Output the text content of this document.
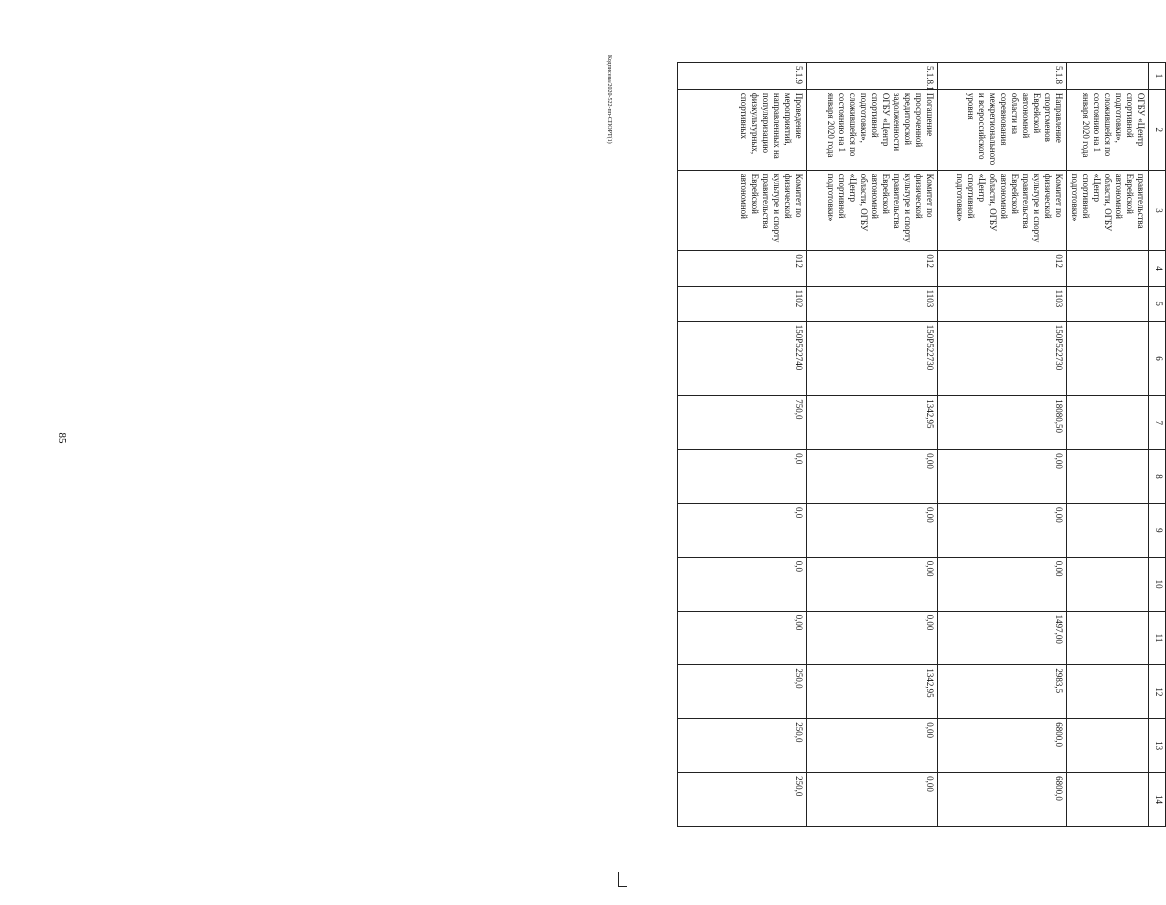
85
Кодписева/2020-522-пп-СПОРТ(1)	1	2	3	4	5	6	7	8	9	10	11	12	13	14
	ОГБУ «Центр спортивной подготовки», сложившейся по состоянию на 1 января 2020 года	правительства Еврейской автономной области, ОГБУ «Центр спортивной подготовки»											
5.1.8	Направление спортсменов Еврейской автономной области на соревнования межрегионального и всероссийского уровня	Комитет по физической культуре и спорту правительства Еврейской автономной области, ОГБУ «Центр спортивной подготовки»	012	1103	150Р522730	18080,50	0,00	0,00	0,00	1497,00	2983,5	6800,0	6800,0
5.1.8.1	Погашение просроченной кредиторской задолженности ОГБУ «Центр спортивной подготовки», сложившейся по состоянию на 1 января 2020 года	Комитет по физической культуре и спорту правительства Еврейской автономной области, ОГБУ «Центр спортивной подготовки»	012	1103	150Р522730	1342,95	0,00	0,00	0,00	0,00	1342,95	0,00	0,00
5.1.9	Проведение мероприятий, направленных на популяризацию физкультурных, спортивных	Комитет по физической культуре и спорту правительства Еврейской автономной	012	1102	150Р522740	750,0	0,0	0,0	0,0	0,00	250,0	250,0	250,0
